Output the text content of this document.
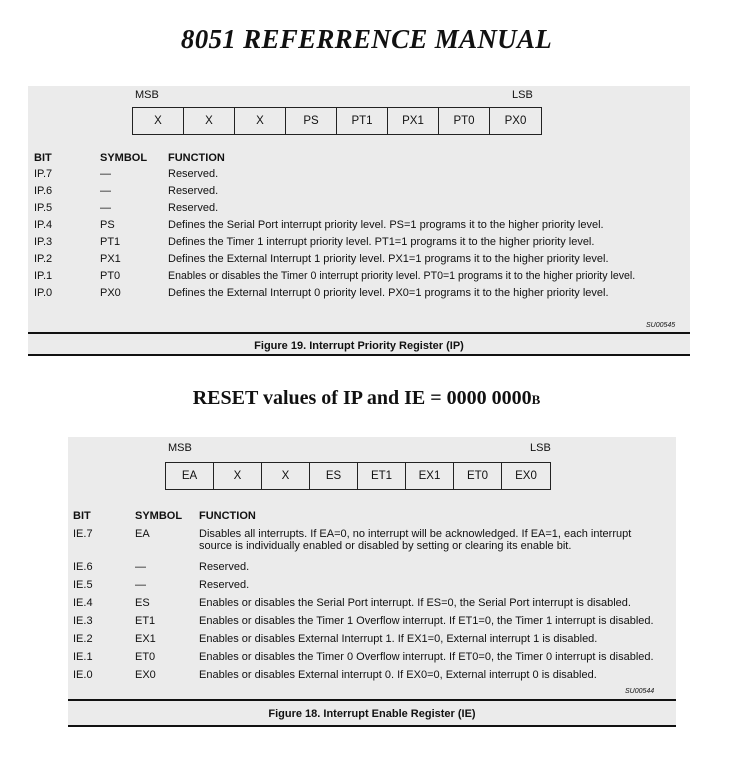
8051 REFERRENCE MANUAL
MSB	LSB
X	X	X	PS	PT1	PX1	PT0	PX0
BIT	SYMBOL FUNCTION
IP.7	—	Reserved.
IP.6	—	Reserved.
IP.5	—	Reserved.
IP.4	PS	Defines the Serial Port interrupt priority level. PS=1 programs it to the higher priority level.
IP.3	PT1	Defines the Timer 1 interrupt priority level. PT1=1 programs it to the higher priority level.
IP.2	PX1	Defines the External Interrupt 1 priority level. PX1=1 programs it to the higher priority level.
IP.1	PT0	Enables or disables the Timer 0 interrupt priority level. PT0=1 programs it to the higher priority level.
IP.0	PX0	Defines the External Interrupt 0 priority level. PX0=1 programs it to the higher priority level.
SU00545
Figure 19. Interrupt Priority Register (IP)
RESET values of IP and IE = 0000 0000B
MSB	LSB
EA	X	X	ES	ET1	EX1	ET0	EX0
BIT	SYMBOL FUNCTION
IE.7	EA	Disables all interrupts. If EA=0, no interrupt will be acknowledged. If EA=1, each interrupt
source is individually enabled or disabled by setting or clearing its enable bit.
IE.6	—	Reserved.
IE.5	—	Reserved.
IE.4	ES	Enables or disables the Serial Port interrupt. If ES=0, the Serial Port interrupt is disabled.
IE.3	ET1	Enables or disables the Timer 1 Overflow interrupt. If ET1=0, the Timer 1 interrupt is disabled.
IE.2	EX1	Enables or disables External Interrupt 1. If EX1=0, External interrupt 1 is disabled.
IE.1	ET0	Enables or disables the Timer 0 Overflow interrupt. If ET0=0, the Timer 0 interrupt is disabled.
IE.0	EX0	Enables or disables External interrupt 0. If EX0=0, External interrupt 0 is disabled.
SU00544
Figure 18. Interrupt Enable Register (IE)
